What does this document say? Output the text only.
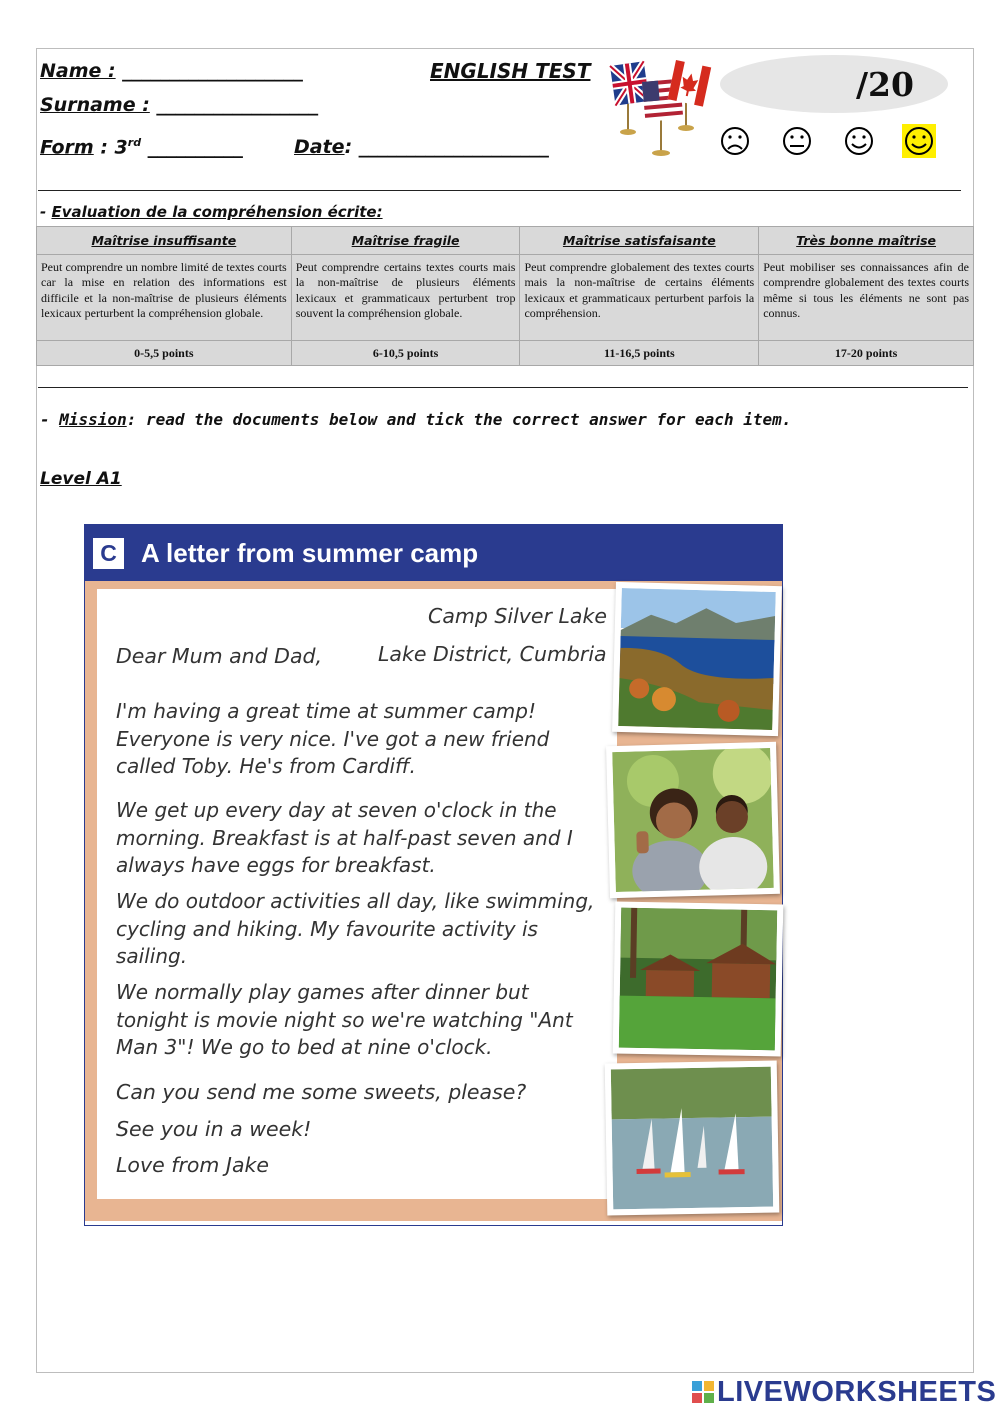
Name : ___________________
Surname : _________________
Form : 3rd __________	Date: ____________________
ENGLISH TEST	/20
- Evaluation de la compréhension écrite:
Maîtrise insuffisante	Maîtrise fragile	Maîtrise satisfaisante	Très bonne maîtrise
Peut comprendre un nombre limité de textes courts car la mise en relation des informations est difficile et la non-maîtrise de plusieurs éléments lexicaux perturbent la compréhension globale.	Peut comprendre certains textes courts mais la non-maîtrise de plusieurs éléments lexicaux et grammaticaux perturbent trop souvent la compréhension globale.	Peut comprendre globalement des textes courts mais la non-maîtrise de certains éléments lexicaux et grammaticaux perturbent parfois la compréhension.	Peut mobiliser ses connaissances afin de comprendre globalement des textes courts même si tous les éléments ne sont pas connus.
0-5,5 points	6-10,5 points	11-16,5 points	17-20 points
- Mission: read the documents below and tick the correct answer for each item.
Level A1
C A letter from summer camp
Camp Silver Lake
Lake District, Cumbria
Dear Mum and Dad,
I'm having a great time at summer camp! Everyone is very nice. I've got a new friend called Toby. He's from Cardiff.
We get up every day at seven o'clock in the morning. Breakfast is at half-past seven and I always have eggs for breakfast.
We do outdoor activities all day, like swimming, cycling and hiking. My favourite activity is sailing.
We normally play games after dinner but tonight is movie night so we're watching "Ant Man 3"! We go to bed at nine o'clock.
Can you send me some sweets, please?
See you in a week!
Love from Jake
LIVEWORKSHEETS
